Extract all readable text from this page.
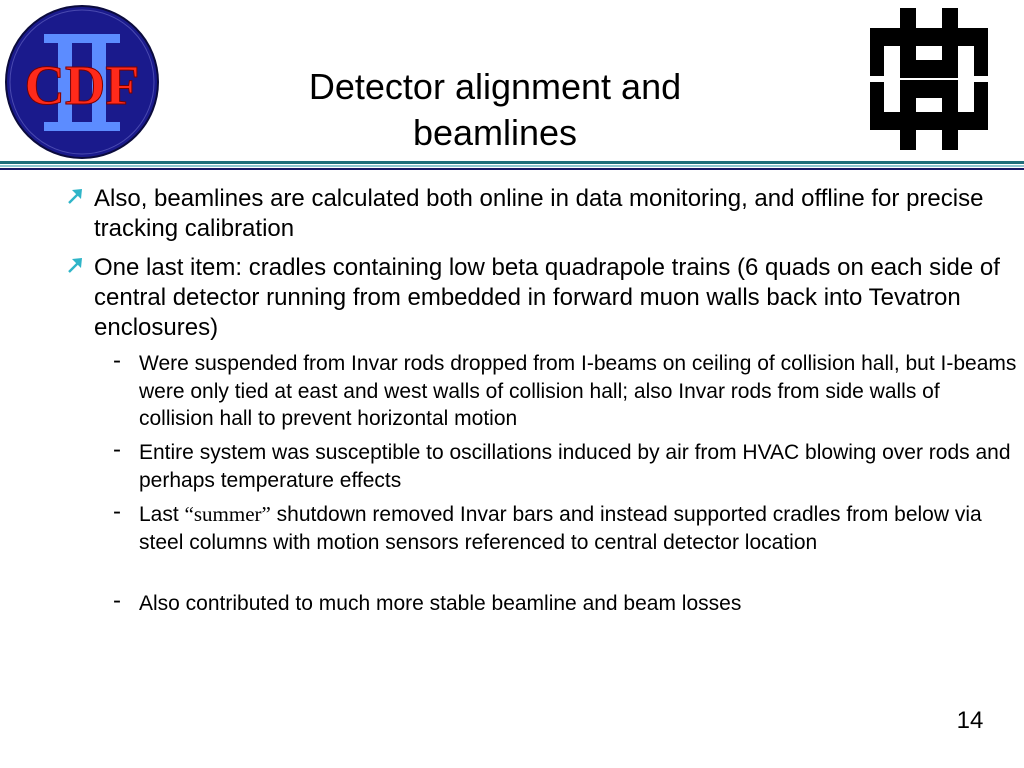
CDF	Detector alignment and
beamlines
Also, beamlines are calculated both online in data monitoring, and offline for precise tracking calibration
One last item: cradles containing low beta quadrapole trains (6 quads on each side of central detector running from embedded in forward muon walls back into Tevatron enclosures)
- Were suspended from Invar rods dropped from I-beams on ceiling of collision hall, but I-beams were only tied at east and west walls of collision hall; also Invar rods from side walls of collision hall to prevent horizontal motion
- Entire system was susceptible to oscillations induced by air from HVAC blowing over rods and perhaps temperature effects
- Last “summer” shutdown removed Invar bars and instead supported cradles from below via steel columns with motion sensors referenced to central detector location
- Also contributed to much more stable beamline and beam losses
14
